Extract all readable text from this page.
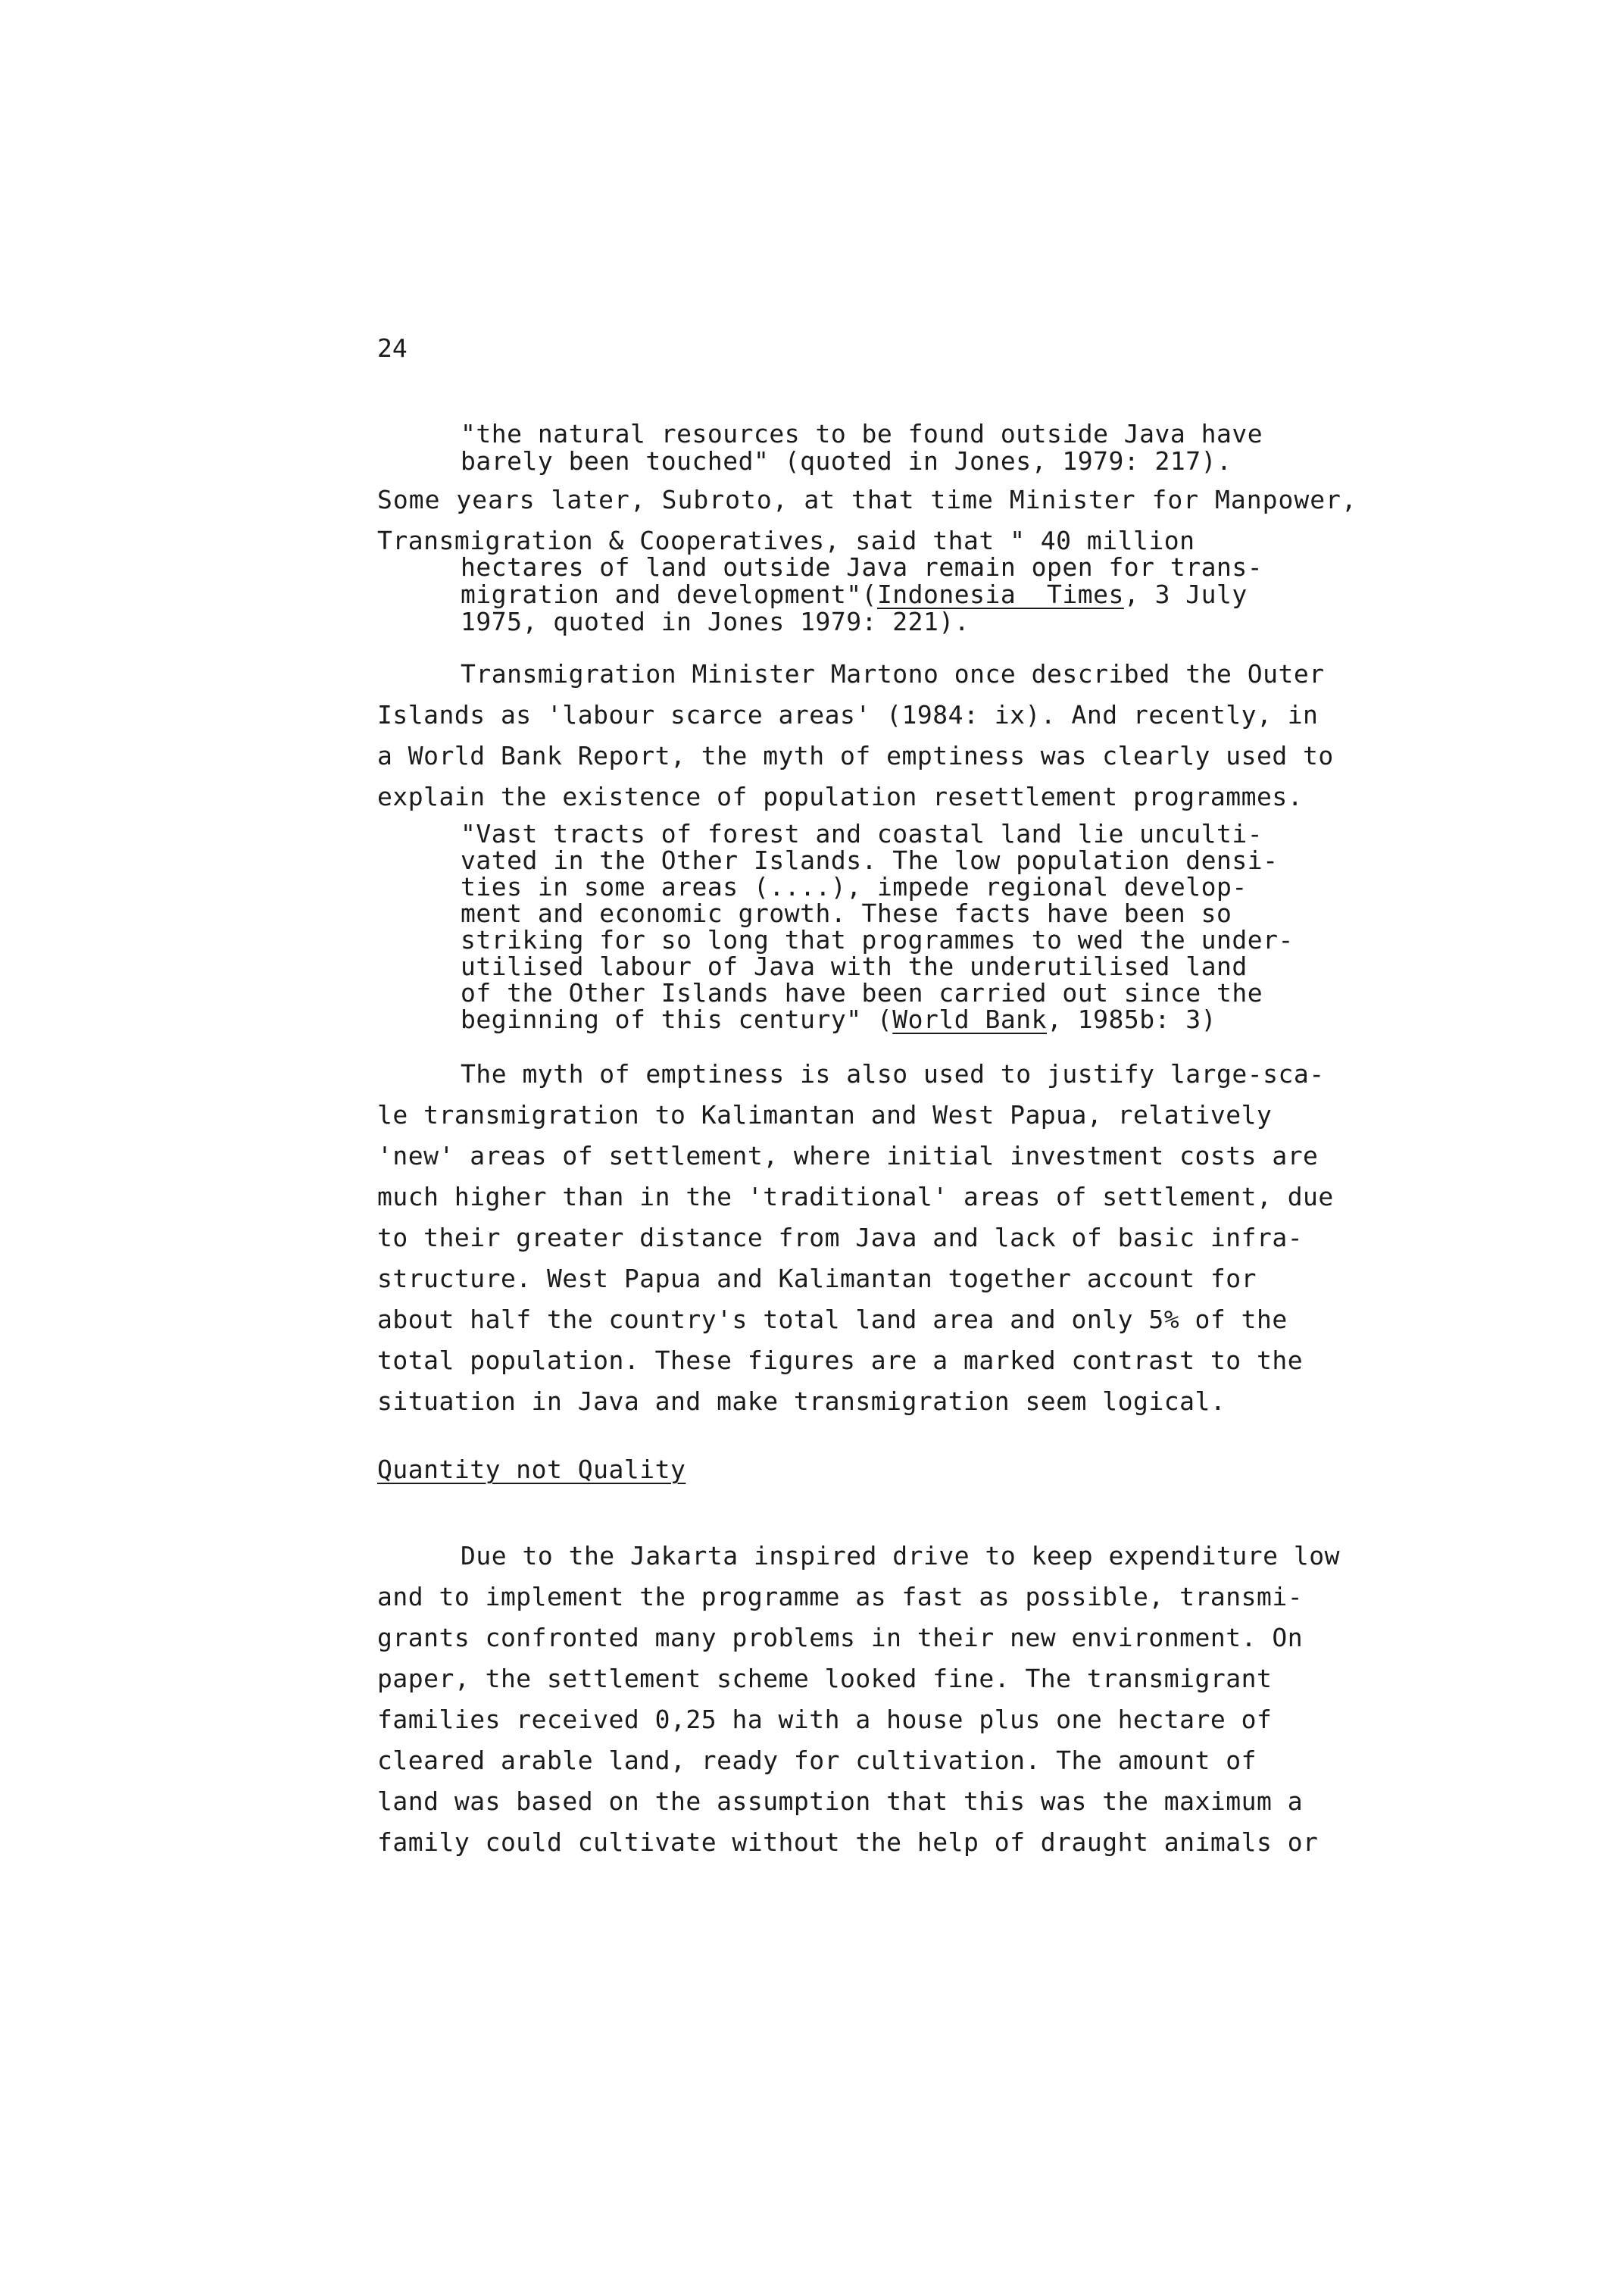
24
"the natural resources to be found outside Java have
barely been touched" (quoted in Jones, 1979: 217).
Some years later, Subroto, at that time Minister for Manpower,
Transmigration & Cooperatives, said that " 40 million
hectares of land outside Java remain open for trans-
migration and development"(Indonesia  Times, 3 July
1975, quoted in Jones 1979: 221).
Transmigration Minister Martono once described the Outer
Islands as 'labour scarce areas' (1984: ix). And recently, in
a World Bank Report, the myth of emptiness was clearly used to
explain the existence of population resettlement programmes.
"Vast tracts of forest and coastal land lie unculti-
vated in the Other Islands. The low population densi-
ties in some areas (....), impede regional develop-
ment and economic growth. These facts have been so
striking for so long that programmes to wed the under-
utilised labour of Java with the underutilised land
of the Other Islands have been carried out since the
beginning of this century" (World Bank, 1985b: 3)
The myth of emptiness is also used to justify large-sca-
le transmigration to Kalimantan and West Papua, relatively
'new' areas of settlement, where initial investment costs are
much higher than in the 'traditional' areas of settlement, due
to their greater distance from Java and lack of basic infra-
structure. West Papua and Kalimantan together account for
about half the country's total land area and only 5% of the
total population. These figures are a marked contrast to the
situation in Java and make transmigration seem logical.
Quantity not Quality
Due to the Jakarta inspired drive to keep expenditure low
and to implement the programme as fast as possible, transmi-
grants confronted many problems in their new environment. On
paper, the settlement scheme looked fine. The transmigrant
families received 0,25 ha with a house plus one hectare of
cleared arable land, ready for cultivation. The amount of
land was based on the assumption that this was the maximum a
family could cultivate without the help of draught animals or
